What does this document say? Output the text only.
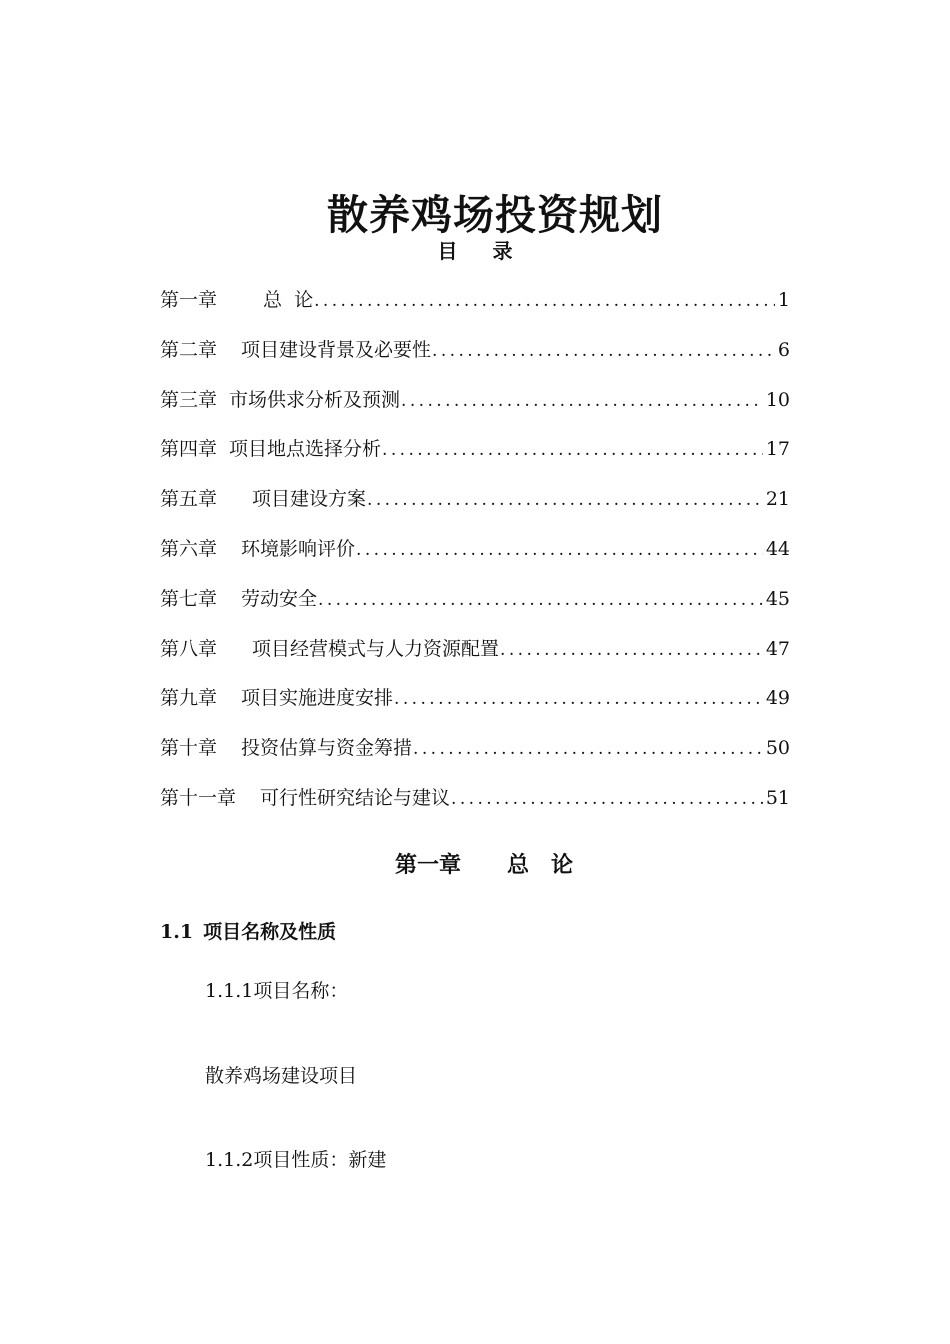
散养鸡场投资规划
目 录
第一章 总  论 . . .	1
第二章 项目建设背景及必要性 . . .	6
第三章 市场供求分析及预测 . . .	10
第四章 项目地点选择分析 . . .	17
第五章 项目建设方案 . . .	21
第六章 环境影响评价 . . .	44
第七章 劳动安全 . . .	45
第八章 项目经营模式与人力资源配置 . . .	47
第九章 项目实施进度安排 . . .	49
第十章 投资估算与资金筹措 . . .	50
第十一章 可行性研究结论与建议 . . .	51
第一章 总论
1.1 项目名称及性质
1.1.1项目名称：

散养鸡场建设项目

1.1.2项目性质：新建
